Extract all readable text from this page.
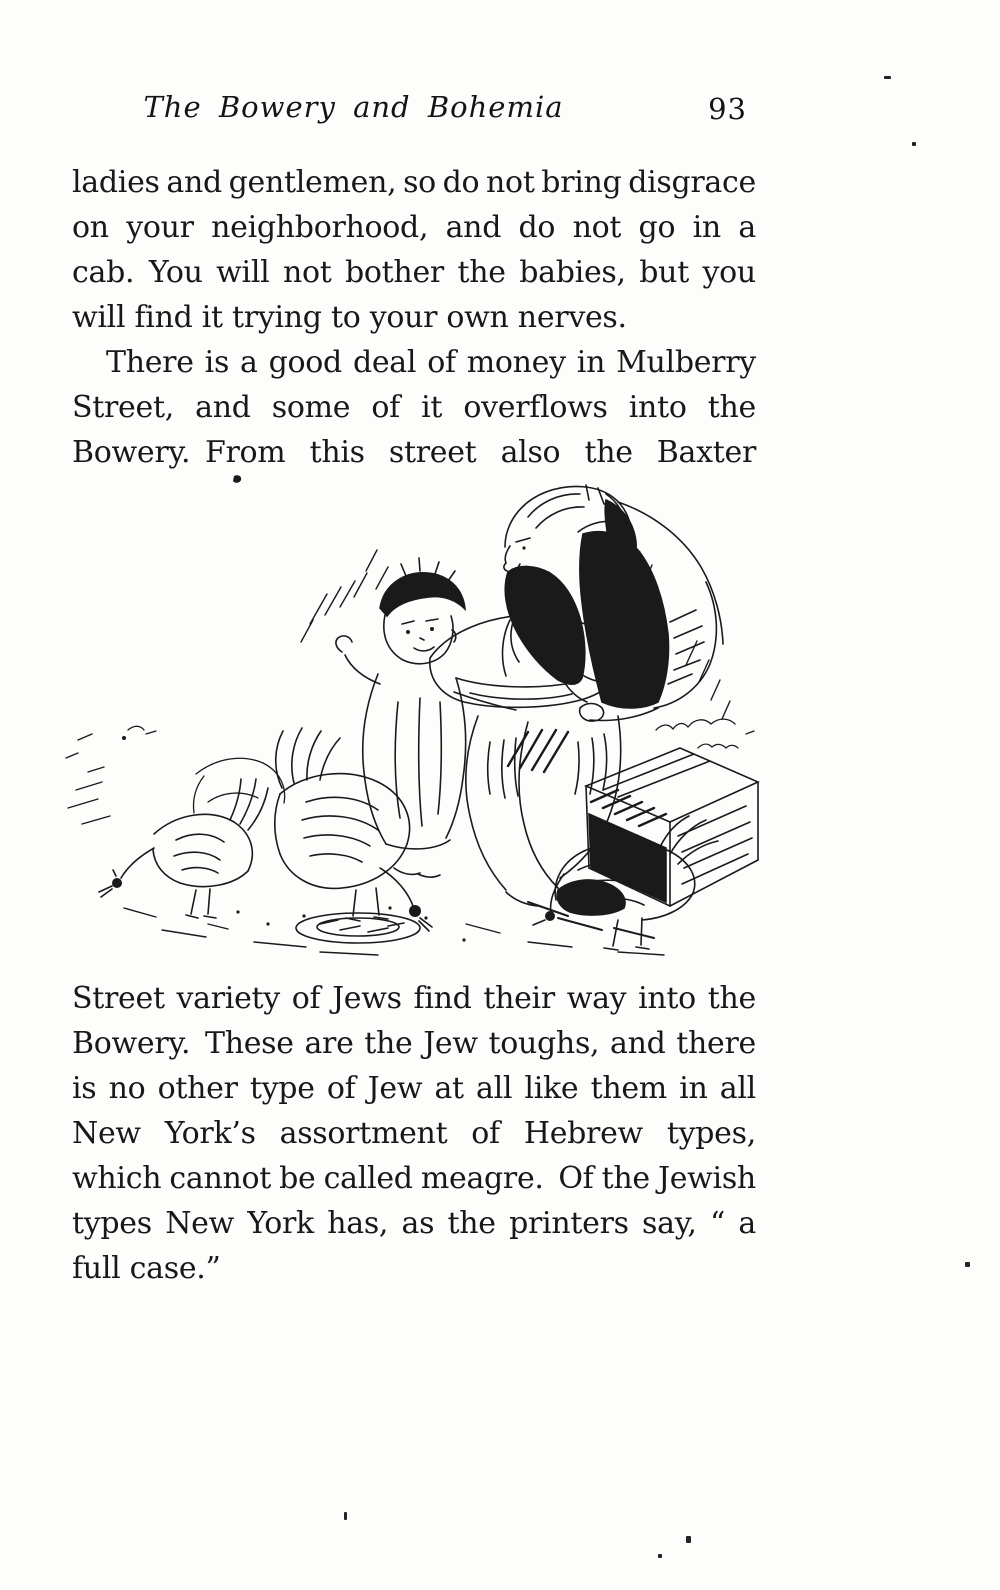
The Bowery and Bohemia	93
ladies and gentlemen, so do not bring disgrace
on your neighborhood, and do not go in a
cab. You will not bother the babies, but you
will find it trying to your own nerves.
There is a good deal of money in Mulberry
Street, and some of it overflows into the
Bowery. From this street also the Baxter
Street variety of Jews find their way into the
Bowery. These are the Jew toughs, and there
is no other type of Jew at all like them in all
New York’s assortment of Hebrew types,
which cannot be called meagre. Of the Jewish
types New York has, as the printers say, “ a
full case.”
